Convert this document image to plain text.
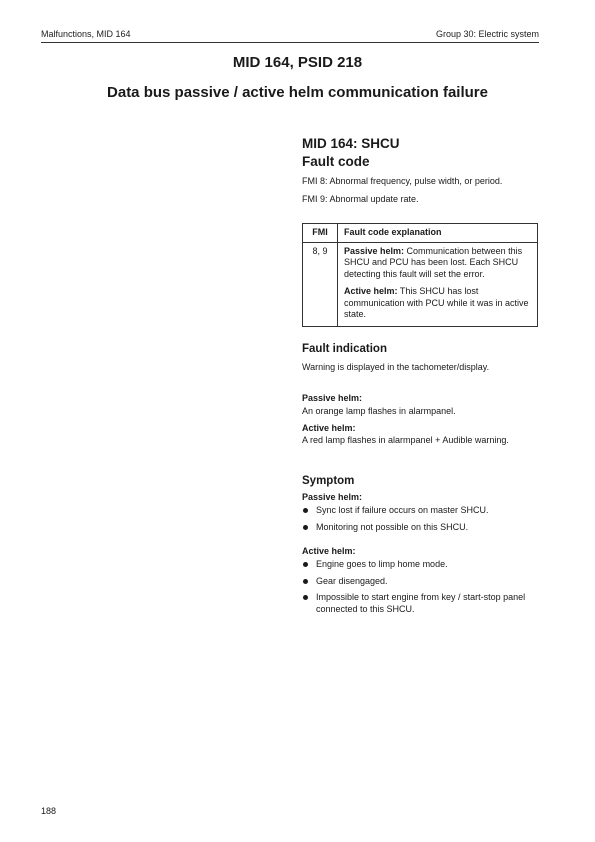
Malfunctions, MID 164	Group 30: Electric system
MID 164, PSID 218
Data bus passive / active helm communication failure
MID 164: SHCU
Fault code
FMI 8: Abnormal frequency, pulse width, or period.
FMI 9: Abnormal update rate.
FMI	Fault code explanation
8, 9	Passive helm: Communication between this SHCU and PCU has been lost. Each SHCU detecting this fault will set the error.

Active helm: This SHCU has lost communication with PCU while it was in active state.

Fault indication
Warning is displayed in the tachometer/display.
Passive helm:
An orange lamp flashes in alarmpanel.
Active helm:
A red lamp flashes in alarmpanel + Audible warning.
Symptom
Passive helm:
Sync lost if failure occurs on master SHCU.
Monitoring not possible on this SHCU.
Active helm:
Engine goes to limp home mode.
Gear disengaged.
Impossible to start engine from key / start-stop panel connected to this SHCU.
188
